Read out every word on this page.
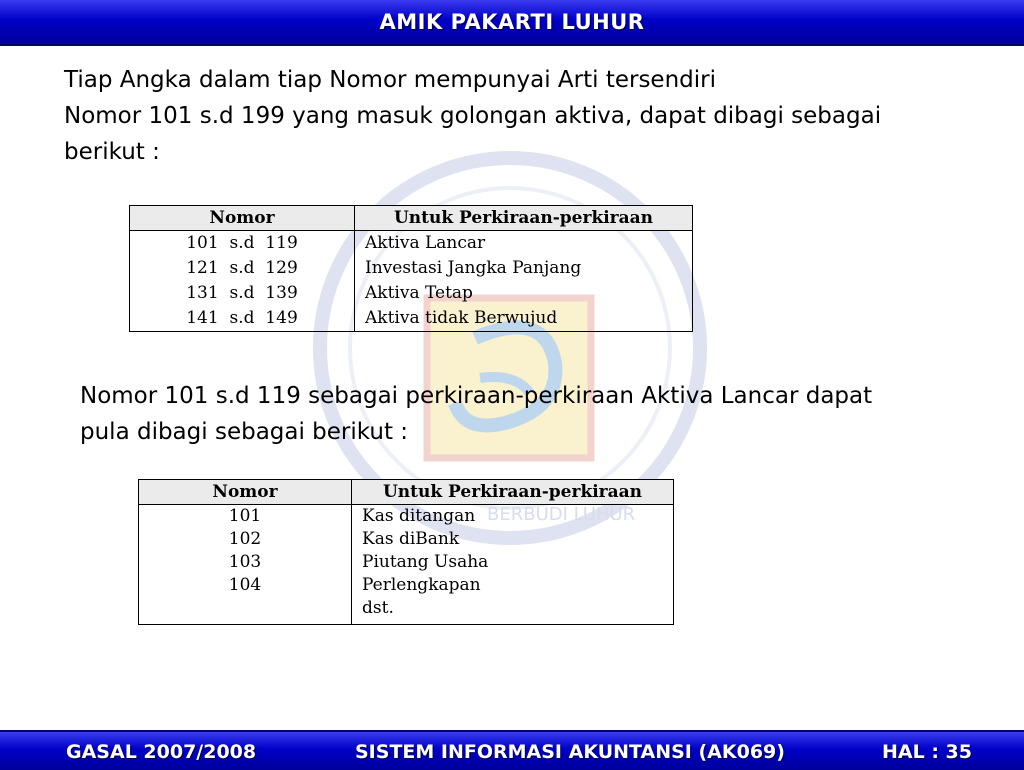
AMIK PAKARTI LUHUR
BERBUDI LUHUR
Tiap Angka dalam tiap Nomor mempunyai Arti tersendiri
Nomor 101 s.d 199 yang masuk golongan aktiva, dapat dibagi sebagai
berikut :
Nomor	Untuk Perkiraan-perkiraan
101  s.d  119	Aktiva Lancar
121  s.d  129	Investasi Jangka Panjang
131  s.d  139	Aktiva Tetap
141  s.d  149	Aktiva tidak Berwujud
Nomor 101 s.d 119 sebagai perkiraan-perkiraan Aktiva Lancar dapat
pula dibagi sebagai berikut :
Nomor	Untuk Perkiraan-perkiraan
101	Kas ditangan
102	Kas diBank
103	Piutang Usaha
104	Perlengkapan
	dst.
GASAL 2007/2008	SISTEM INFORMASI AKUNTANSI (AK069)	HAL : 35
